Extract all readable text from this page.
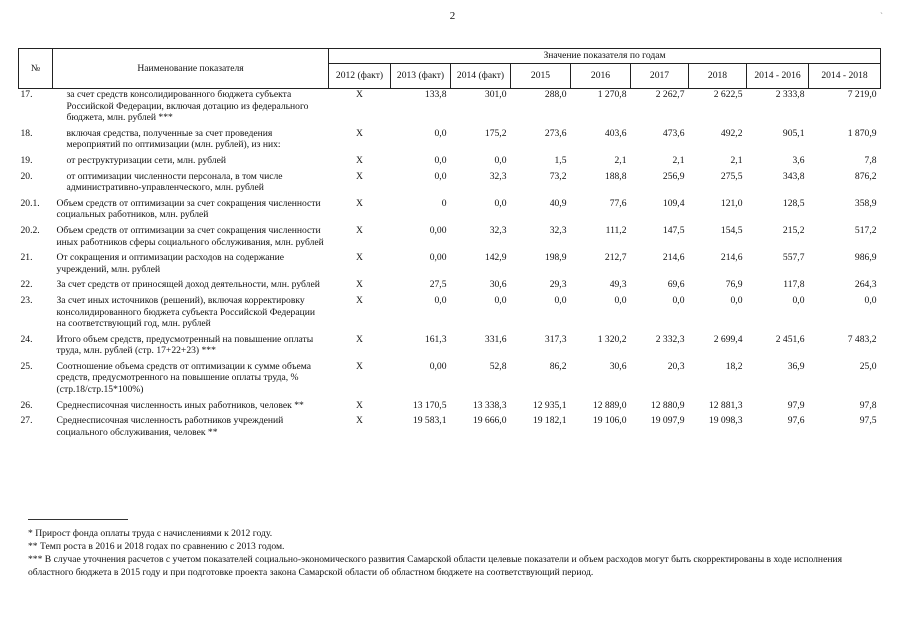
2
ˏ
№	Наименование показателя	Значение показателя по годам								
		2012 (факт)	2013 (факт)	2014 (факт)	2015	2016	2017	2018	2014 - 2016	2014 - 2018
17.	за счет средств консолидированного бюджета субъекта Российской Федерации, включая дотацию из федерального бюджета, млн. рублей ***	X	133,8	301,0	288,0	1 270,8	2 262,7	2 622,5	2 333,8	7 219,0
18.	включая средства, полученные за счет проведения мероприятий по оптимизации (млн. рублей), из них:	X	0,0	175,2	273,6	403,6	473,6	492,2	905,1	1 870,9
19.	от реструктуризации сети, млн. рублей	X	0,0	0,0	1,5	2,1	2,1	2,1	3,6	7,8
20.	от оптимизации численности персонала, в том числе административно-управленческого, млн. рублей	X	0,0	32,3	73,2	188,8	256,9	275,5	343,8	876,2
20.1.	Объем средств от оптимизации за счет сокращения численности социальных работников, млн. рублей	X	0	0,0	40,9	77,6	109,4	121,0	128,5	358,9
20.2.	Объем средств от оптимизации за счет сокращения численности иных работников сферы социального обслуживания, млн. рублей	X	0,00	32,3	32,3	111,2	147,5	154,5	215,2	517,2
21.	От сокращения и оптимизации расходов на содержание учреждений, млн. рублей	X	0,00	142,9	198,9	212,7	214,6	214,6	557,7	986,9
22.	За счет средств от приносящей доход деятельности, млн. рублей	X	27,5	30,6	29,3	49,3	69,6	76,9	117,8	264,3
23.	За счет иных источников (решений), включая корректировку консолидированного бюджета субъекта Российской Федерации на соответствующий год, млн. рублей	X	0,0	0,0	0,0	0,0	0,0	0,0	0,0	0,0
24.	Итого объем средств, предусмотренный на повышение оплаты труда, млн. рублей (стр. 17+22+23) ***	X	161,3	331,6	317,3	1 320,2	2 332,3	2 699,4	2 451,6	7 483,2
25.	Соотношение объема средств от оптимизации к сумме объема средств, предусмотренного на повышение оплаты труда, % (стр.18/стр.15*100%)	X	0,00	52,8	86,2	30,6	20,3	18,2	36,9	25,0
26.	Среднесписочная численность иных работников, человек **	X	13 170,5	13 338,3	12 935,1	12 889,0	12 880,9	12 881,3	97,9	97,8
27.	Среднесписочная численность работников учреждений социального обслуживания, человек **	X	19 583,1	19 666,0	19 182,1	19 106,0	19 097,9	19 098,3	97,6	97,5
* Прирост фонда оплаты труда с начислениями к 2012 году.
** Темп роста в 2016 и 2018 годах по сравнению с 2013 годом.
*** В случае уточнения расчетов с учетом показателей социально-экономического развития Самарской области целевые показатели и объем расходов могут быть скорректированы в ходе исполнения областного бюджета в 2015 году и при подготовке проекта закона Самарской области об областном бюджете на соответствующий период.
